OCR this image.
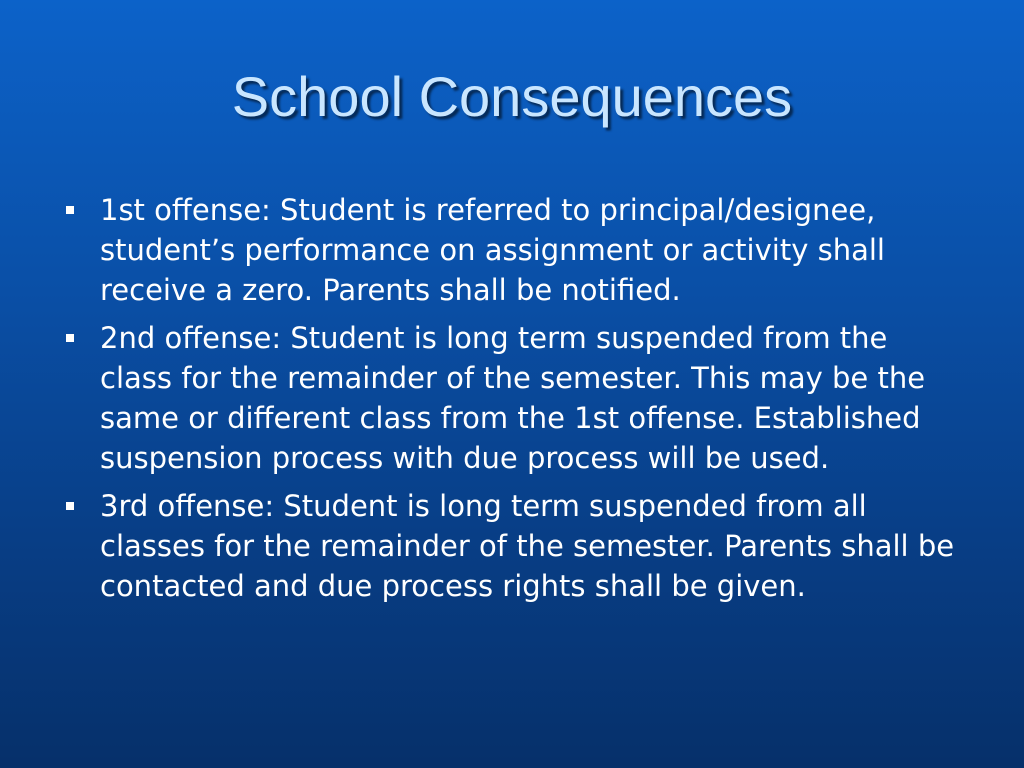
School Consequences
1st offense: Student is referred to principal/designee, student’s performance on assignment or activity shall receive a zero. Parents shall be notified.
2nd offense: Student is long term suspended from the class for the remainder of the semester. This may be the same or different class from the 1st offense. Established suspension process with due process will be used.
3rd offense: Student is long term suspended from all classes for the remainder of the semester. Parents shall be contacted and due process rights shall be given.
